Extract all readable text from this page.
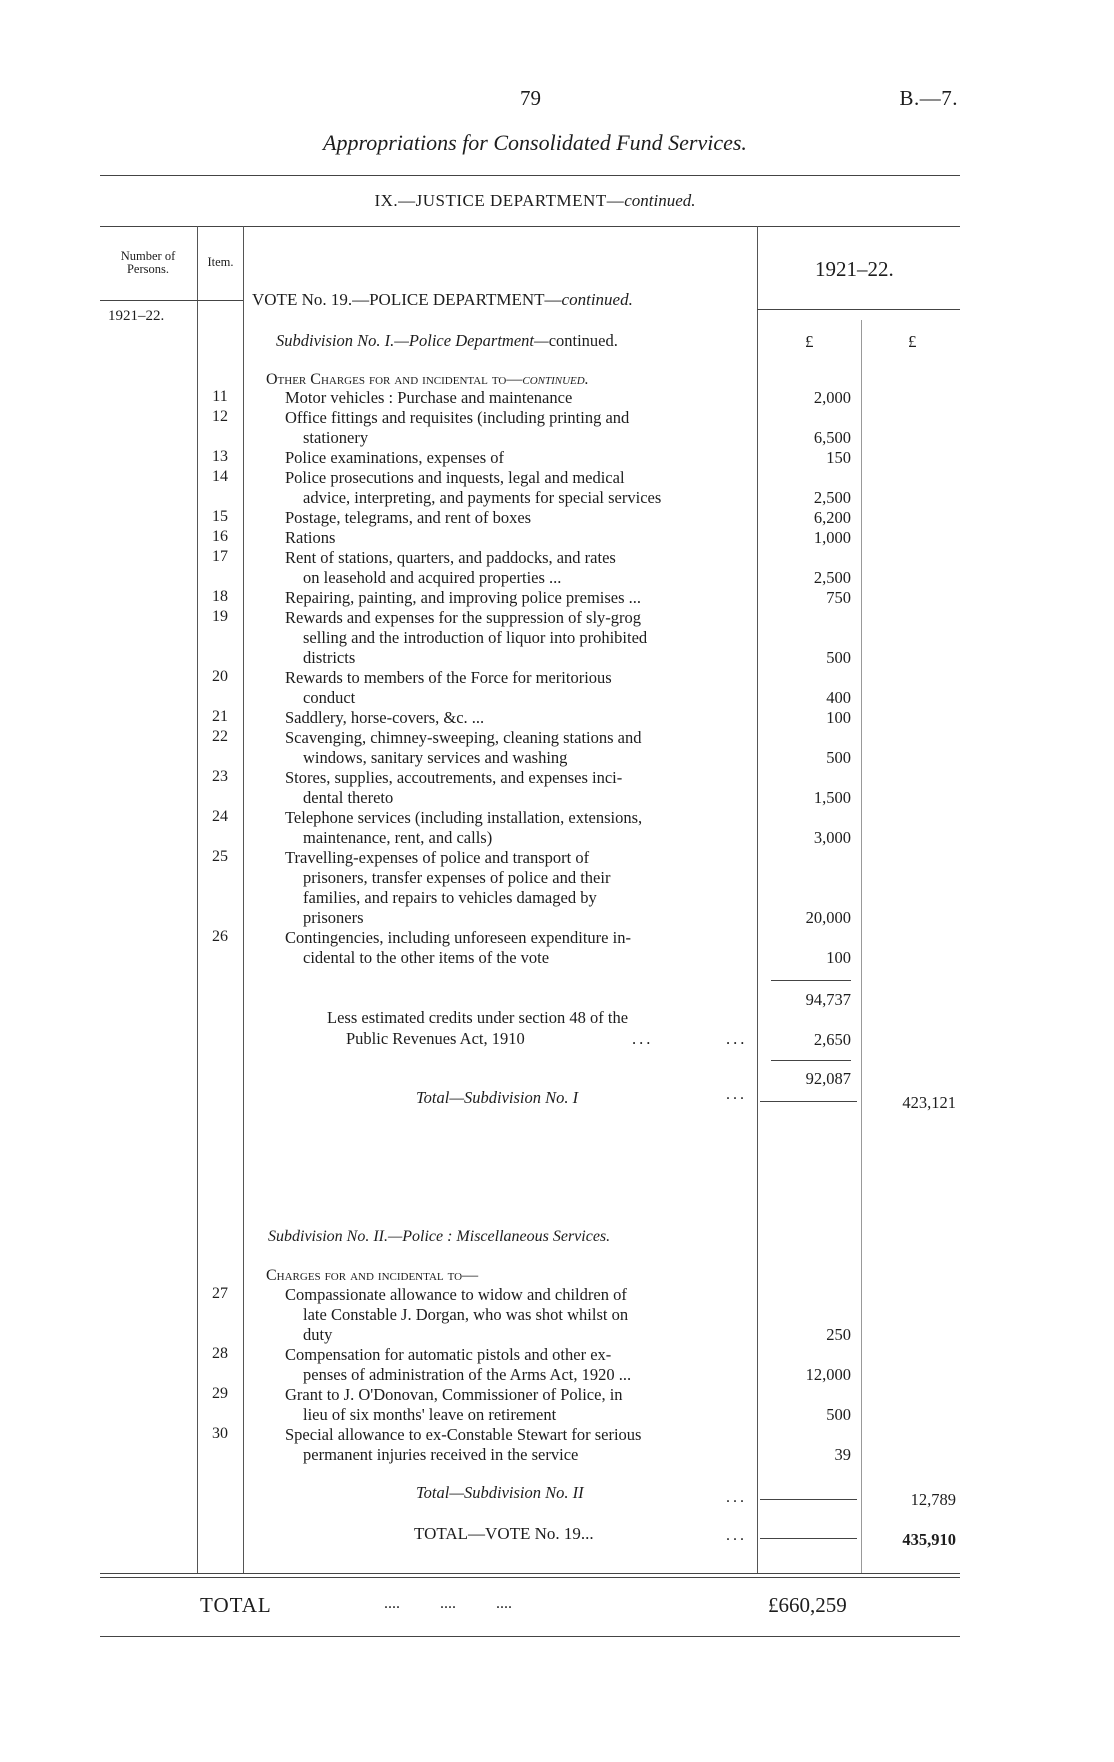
79	B.—7.
Appropriations for Consolidated Fund Services.
IX.—JUSTICE DEPARTMENT—continued.
Number of Persons.	Item.	1921–22.
1921–22.
VOTE No. 19.—POLICE DEPARTMENT—continued.
£	£
Subdivision No. I.—Police Department—continued.
Other Charges for and incidental to—continued.
11	Motor vehicles : Purchase and maintenance	2,000
12	Office fittings and requisites (including printing and
stationery	6,500
13	Police examinations, expenses of	150
14	Police prosecutions and inquests, legal and medical
advice, interpreting, and payments for special services	2,500
15	Postage, telegrams, and rent of boxes	6,200
16	Rations	1,000
17	Rent of stations, quarters, and paddocks, and rates
on leasehold and acquired properties ...	2,500
18	Repairing, painting, and improving police premises ...	750
19	Rewards and expenses for the suppression of sly-grog
selling and the introduction of liquor into prohibited
districts	500
20	Rewards to members of the Force for meritorious
conduct	400
21	Saddlery, horse-covers, &c. ...	100
22	Scavenging, chimney-sweeping, cleaning stations and
windows, sanitary services and washing	500
23	Stores, supplies, accoutrements, and expenses inci-
dental thereto	1,500
24	Telephone services (including installation, extensions,
maintenance, rent, and calls)	3,000
25	Travelling-expenses of police and transport of
prisoners, transfer expenses of police and their
families, and repairs to vehicles damaged by
prisoners	20,000
26	Contingencies, including unforeseen expenditure in-
cidental to the other items of the vote	100
94,737
Less estimated credits under section 48 of the
Public Revenues Act, 1910	...	...	2,650
92,087
Total—Subdivision No. I	...	423,121
Subdivision No. II.—Police : Miscellaneous Services.
Charges for and incidental to—
27	Compassionate allowance to widow and children of
late Constable J. Dorgan, who was shot whilst on
duty	250
28	Compensation for automatic pistols and other ex-
penses of administration of the Arms Act, 1920 ...	12,000
29	Grant to J. O'Donovan, Commissioner of Police, in
lieu of six months' leave on retirement	500
30	Special allowance to ex-Constable Stewart for serious
permanent injuries received in the service	39
Total—Subdivision No. II	...	12,789
TOTAL—VOTE No. 19...	...	435,910
TOTAL	....          ....          ....	£660,259
